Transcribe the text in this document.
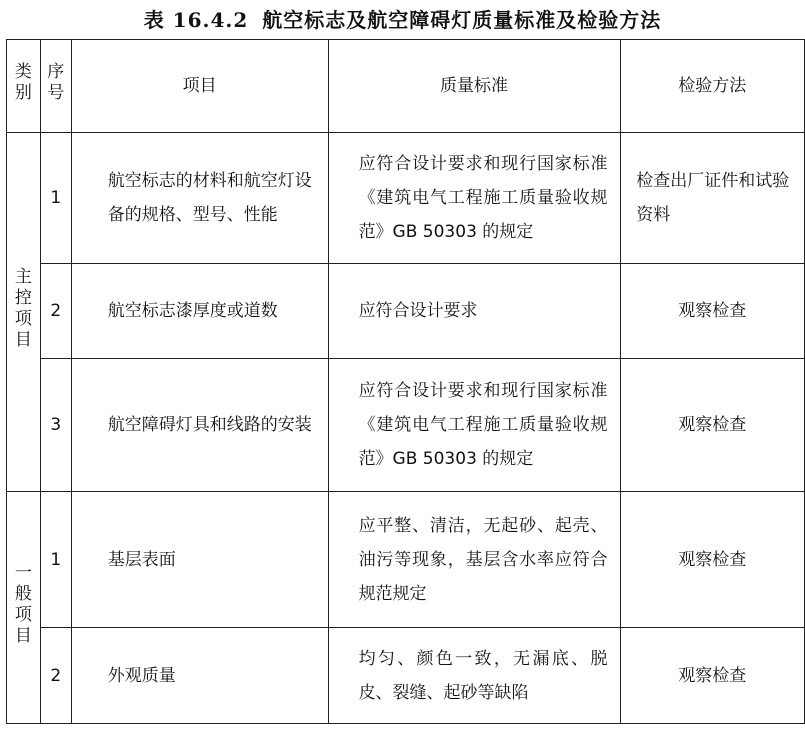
表 16.4.2 航空标志及航空障碍灯质量标准及检验方法
类别	序号	项目	质量标准	检验方法
主控项目	1	航空标志的材料和航空灯设备的规格、型号、性能	应符合设计要求和现行国家标准《建筑电气工程施工质量验收规范》GB 50303 的规定	检查出厂证件和试验资料

	2	航空标志漆厚度或道数	应符合设计要求	观察检查
	3	航空障碍灯具和线路的安装	应符合设计要求和现行国家标准《建筑电气工程施工质量验收规范》GB 50303 的规定	观察检查
一般项目	1	基层表面	应平整、清洁，无起砂、起壳、油污等现象，基层含水率应符合规范规定	观察检查
	2	外观质量	均匀、颜色一致，无漏底、脱皮、裂缝、起砂等缺陷	观察检查
